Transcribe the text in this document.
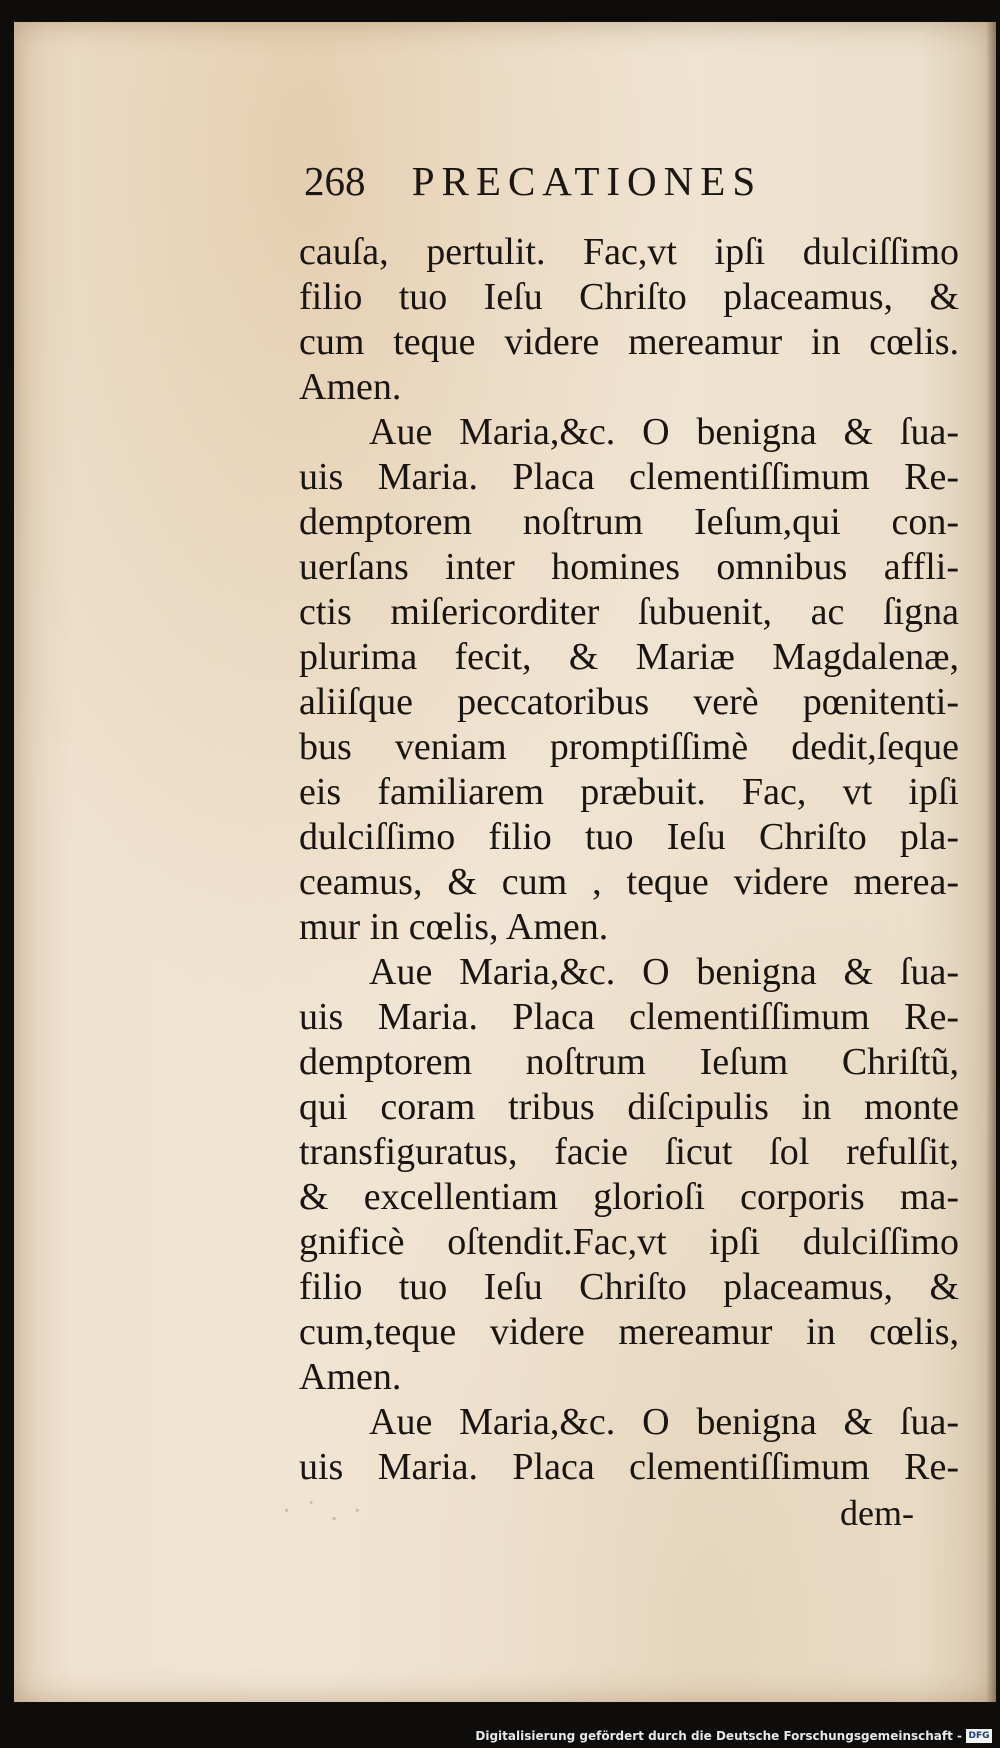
268 PRECATIONES
cauſa, pertulit. Fac,vt ipſi dulciſſimo
filio tuo Ieſu Chriſto placeamus, &
cum teque videre mereamur in cœlis.
Amen.
Aue Maria,&c. O benigna & ſua-
uis Maria. Placa clementiſſimum Re-
demptorem noſtrum Ieſum,qui con-
uerſans inter homines omnibus affli-
ctis miſericorditer ſubuenit, ac ſigna
plurima fecit, & Mariæ Magdalenæ,
aliiſque peccatoribus verè pœnitenti-
bus veniam promptiſſimè dedit,ſeque
eis familiarem præbuit. Fac, vt ipſi
dulciſſimo filio tuo Ieſu Chriſto pla-
ceamus, & cum , teque videre merea-
mur in cœlis, Amen.
Aue Maria,&c. O benigna & ſua-
uis Maria. Placa clementiſſimum Re-
demptorem noſtrum Ieſum Chriſtũ,
qui coram tribus diſcipulis in monte
transfiguratus, facie ſicut ſol refulſit,
& excellentiam glorioſi corporis ma-
gnificè oſtendit.Fac,vt ipſi dulciſſimo
filio tuo Ieſu Chriſto placeamus, &
cum,teque videre mereamur in cœlis,
Amen.
Aue Maria,&c. O benigna & ſua-
uis Maria. Placa clementiſſimum Re-
· ˙ . ·	dem-
Digitalisierung gefördert durch die Deutsche Forschungsgemeinschaft - DFG
